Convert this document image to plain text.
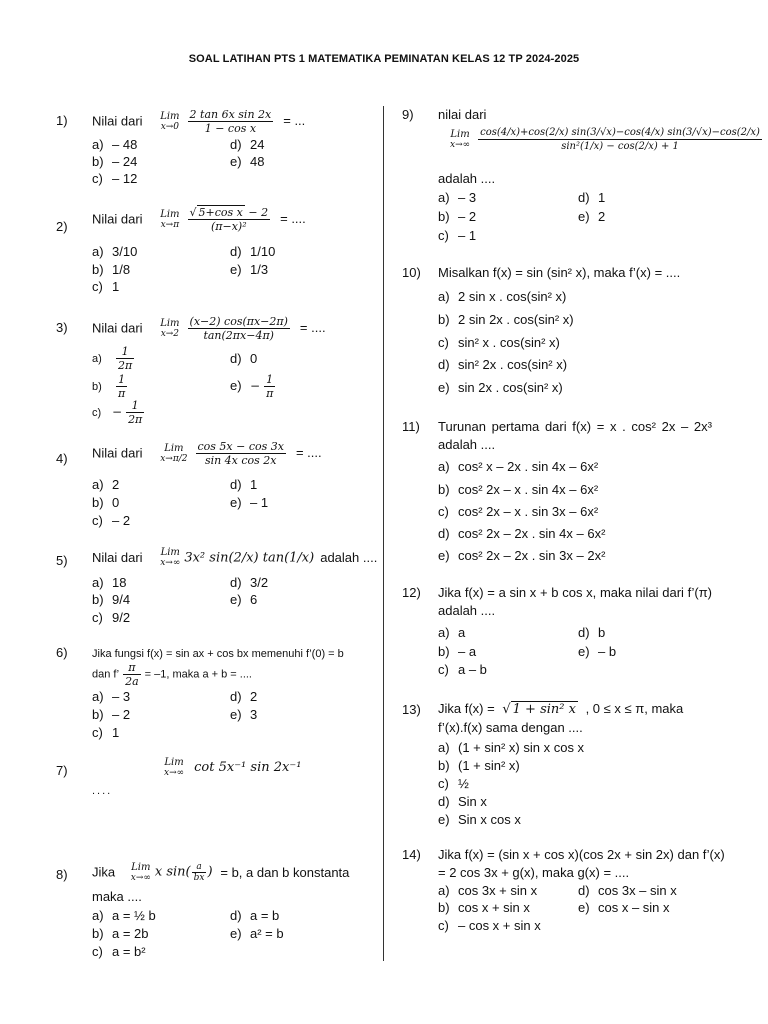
SOAL LATIHAN PTS 1 MATEMATIKA PEMINATAN KELAS 12 TP 2024-2025
1) Nilai dari Lim
$x\to 0 \frac{\text{2 tan 6x sin 2x}}{\text{1 − cos x}}$ = ...
a) – 48
b) – 24
c) – 12
d) 24
e) 48
2) Nilai dari Lim
$x\to\pi \frac{\text{√ 5+cos x − 2}}{\text{(π−x)²}}$ = ....
a) 3/10
b) 1/8
c) 1
d) 1/10
e) 1/3
3) Nilai dari Lim
$x\to 2 \frac{(x-2) \cos(\pi x-2\pi)}{\tan(2\pi x-4\pi)}$ = ....
$a) \frac{1}{2\pi}$
$b) \frac{1}{\pi}$
$c) - \frac{1}{2\pi}$
d) 0
$e) - \frac{1}{\pi}$
4) Nilai dari	Lim
$x\to\pi/2 \frac{\cos 5x - \cos 3x}{\text{sin 4x cos 2x}}$ = ....
a) 2
b) 0
c) – 2
d) 1
e) – 1
5) Nilai dari Lim
x→∞ 3x² sin(2/x) tan(1/x) adalah ....
a) 18
b) 9/4
c) 9/2
d) 3/2
e) 6
6) Jika fungsi f(x) = sin ax + cos bx memenuhi f’(0) = b
dan f’ $\frac{\pi}{2a} = -1$, maka a + b = ....
a) – 3
b) – 2
c) 1
d) 2
e) 3
7)
Lim
x→∞ cot 5x⁻¹ sin 2x⁻¹
....
8) Jika Lim
x→∞ x $\sin( \frac{a}{bx}$ ) = b, a dan b konstanta
maka ....
a) a = ½ b
b) a = 2b
c) a = b²
d) a = b
e) a² = b
9) nilai dari
Lim
$x\to\infty \frac{\cos(4/x)+\cos(2/x) \sin(3/√x)-\cos(4/x) \sin(3/√x)-\cos(2/x)}{\text{sin²(1/x) − cos(2/x) + 1}}$
adalah ....
a) – 3
b) – 2
c) – 1
d) 1
e) 2
10) Misalkan f(x) = sin (sin² x), maka f’(x) = ....
a) 2 sin x . cos(sin² x)
b) 2 sin 2x . cos(sin² x)
c) sin² x . cos(sin² x)
d) sin² 2x . cos(sin² x)
e) sin 2x . cos(sin² x)
11) Turunan pertama dari f(x) = x . cos² 2x – 2x³ adalah ....
a) cos² x – 2x . sin 4x – 6x²
b) cos² 2x – x . sin 4x – 6x²
c) cos² 2x – x . sin 3x – 6x²
d) cos² 2x – 2x . sin 4x – 6x²
e) cos² 2x – 2x . sin 3x – 2x²
12) Jika f(x) = a sin x + b cos x, maka nilai dari f’(π) adalah ....
a) a
b) – a
c) a – b
d) b
e) – b
13) Jika f(x) = √ 1 + sin² x , 0 ≤ x ≤ π, maka
f’(x).f(x) sama dengan ....
a) (1 + sin² x) sin x cos x
b) (1 + sin² x)
c) ½
d) Sin x
e) Sin x cos x
14) Jika f(x) = (sin x + cos x)(cos 2x + sin 2x) dan f’(x)
= 2 cos 3x + g(x), maka g(x) = ....
a) cos 3x + sin x
b) cos x + sin x
c) – cos x + sin x
d) cos 3x – sin x
e) cos x – sin x
